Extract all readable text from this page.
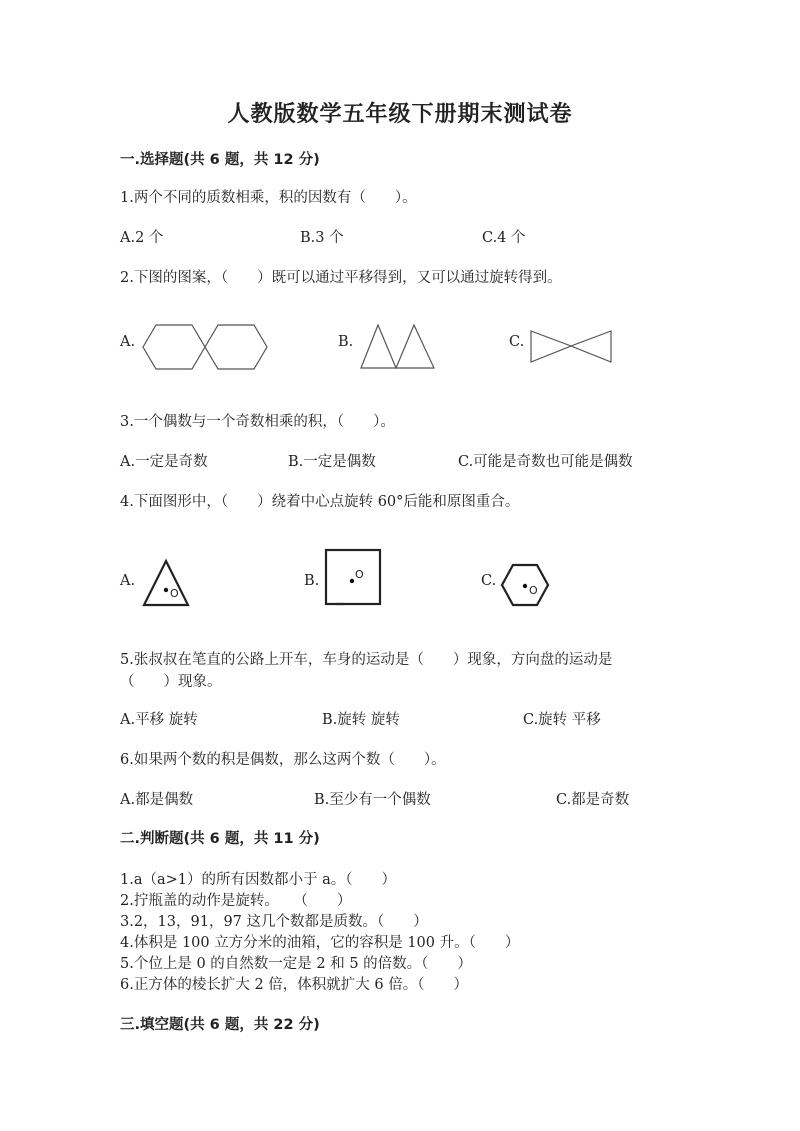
人教版数学五年级下册期末测试卷
一.选择题(共 6 题，共 12 分)
1.两个不同的质数相乘，积的因数有（　　）。
A.2 个	B.3 个	C.4 个
2.下图的图案，（　　）既可以通过平移得到，又可以通过旋转得到。
A.	B.	C.
3.一个偶数与一个奇数相乘的积，（　　）。
A.一定是奇数	B.一定是偶数	C.可能是奇数也可能是偶数
4.下面图形中，（　　）绕着中心点旋转 60°后能和原图重合。
A.
O
B.	O	C.
O
5.张叔叔在笔直的公路上开车，车身的运动是（　　）现象，方向盘的运动是
（　　）现象。
A.平移 旋转	B.旋转 旋转	C.旋转 平移
6.如果两个数的积是偶数，那么这两个数（　　）。
A.都是偶数	B.至少有一个偶数	C.都是奇数
二.判断题(共 6 题，共 11 分)
1.a（a>1）的所有因数都小于 a。（　　）
2.拧瓶盖的动作是旋转。　　（　　）
3.2，13，91，97 这几个数都是质数。（　　）
4.体积是 100 立方分米的油箱，它的容积是 100 升。（　　）
5.个位上是 0 的自然数一定是 2 和 5 的倍数。（　　）
6.正方体的棱长扩大 2 倍，体积就扩大 6 倍。（　　）
三.填空题(共 6 题，共 22 分)
